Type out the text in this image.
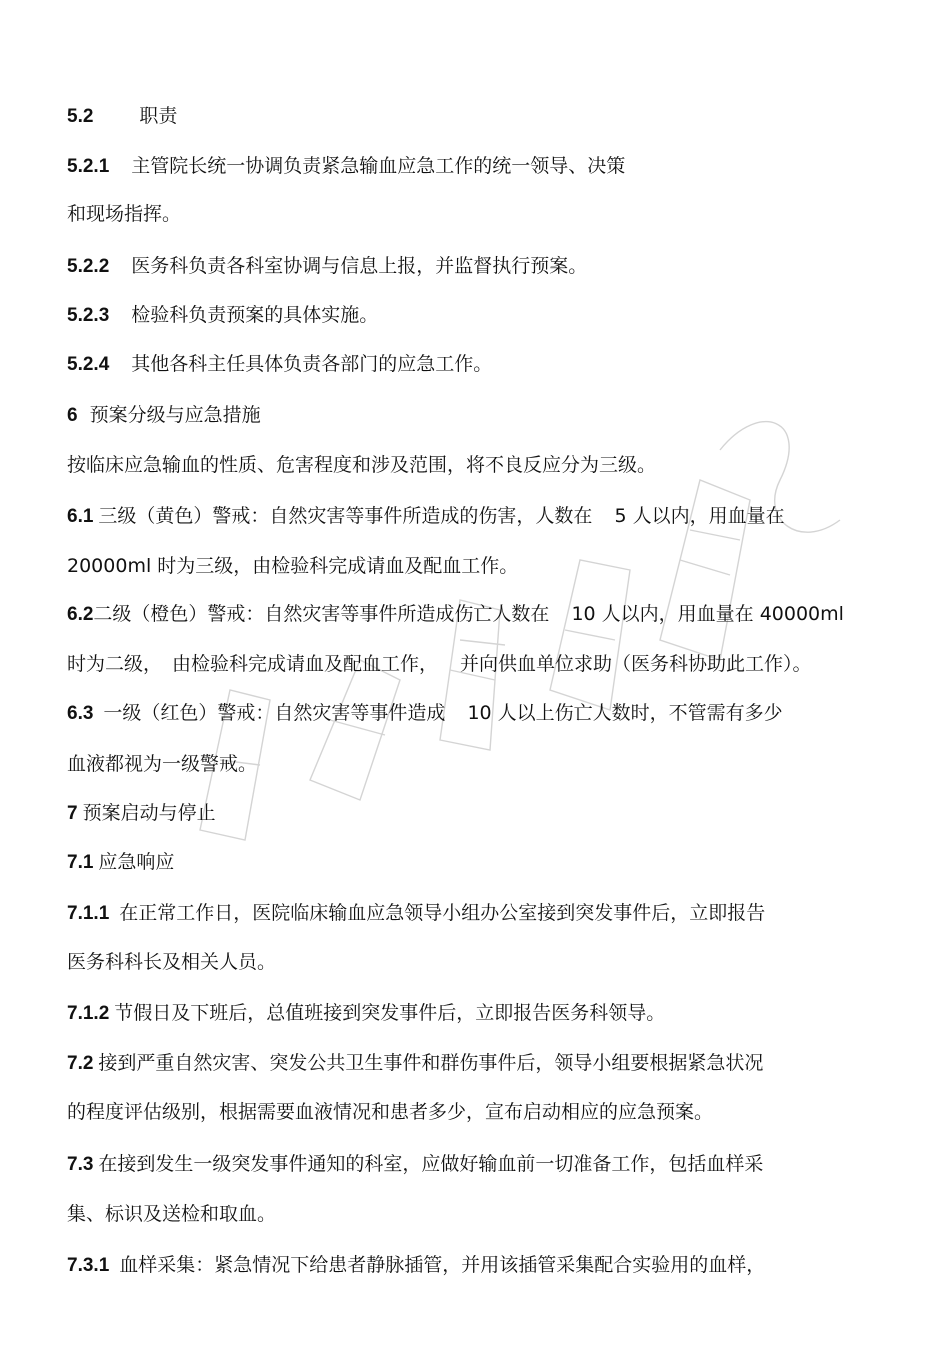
5.2 职责
5.2.1 主管院长统一协调负责紧急输血应急工作的统一领导、决策
和现场指挥。
5.2.2 医务科负责各科室协调与信息上报，并监督执行预案。
5.2.3 检验科负责预案的具体实施。
5.2.4 其他各科主任具体负责各部门的应急工作。
6 预案分级与应急措施
按临床应急输血的性质、危害程度和涉及范围，将不良反应分为三级。
6.1 三级（黄色）警戒：自然灾害等事件所造成的伤害，人数在 5 人以内，用血量在
20000ml 时为三级，由检验科完成请血及配血工作。
6.2二级（橙色）警戒：自然灾害等事件所造成伤亡人数在 10 人以内，用血量在 40000ml
时为二级， 由检验科完成请血及配血工作， 并向供血单位求助（医务科协助此工作）。
6.3 一级（红色）警戒：自然灾害等事件造成 10 人以上伤亡人数时，不管需有多少
血液都视为一级警戒。
7 预案启动与停止
7.1 应急响应
7.1.1 在正常工作日，医院临床输血应急领导小组办公室接到突发事件后，立即报告
医务科科长及相关人员。
7.1.2 节假日及下班后，总值班接到突发事件后，立即报告医务科领导。
7.2 接到严重自然灾害、突发公共卫生事件和群伤事件后，领导小组要根据紧急状况
的程度评估级别，根据需要血液情况和患者多少，宣布启动相应的应急预案。
7.3 在接到发生一级突发事件通知的科室，应做好输血前一切准备工作，包括血样采
集、标识及送检和取血。
7.3.1 血样采集：紧急情况下给患者静脉插管，并用该插管采集配合实验用的血样，
